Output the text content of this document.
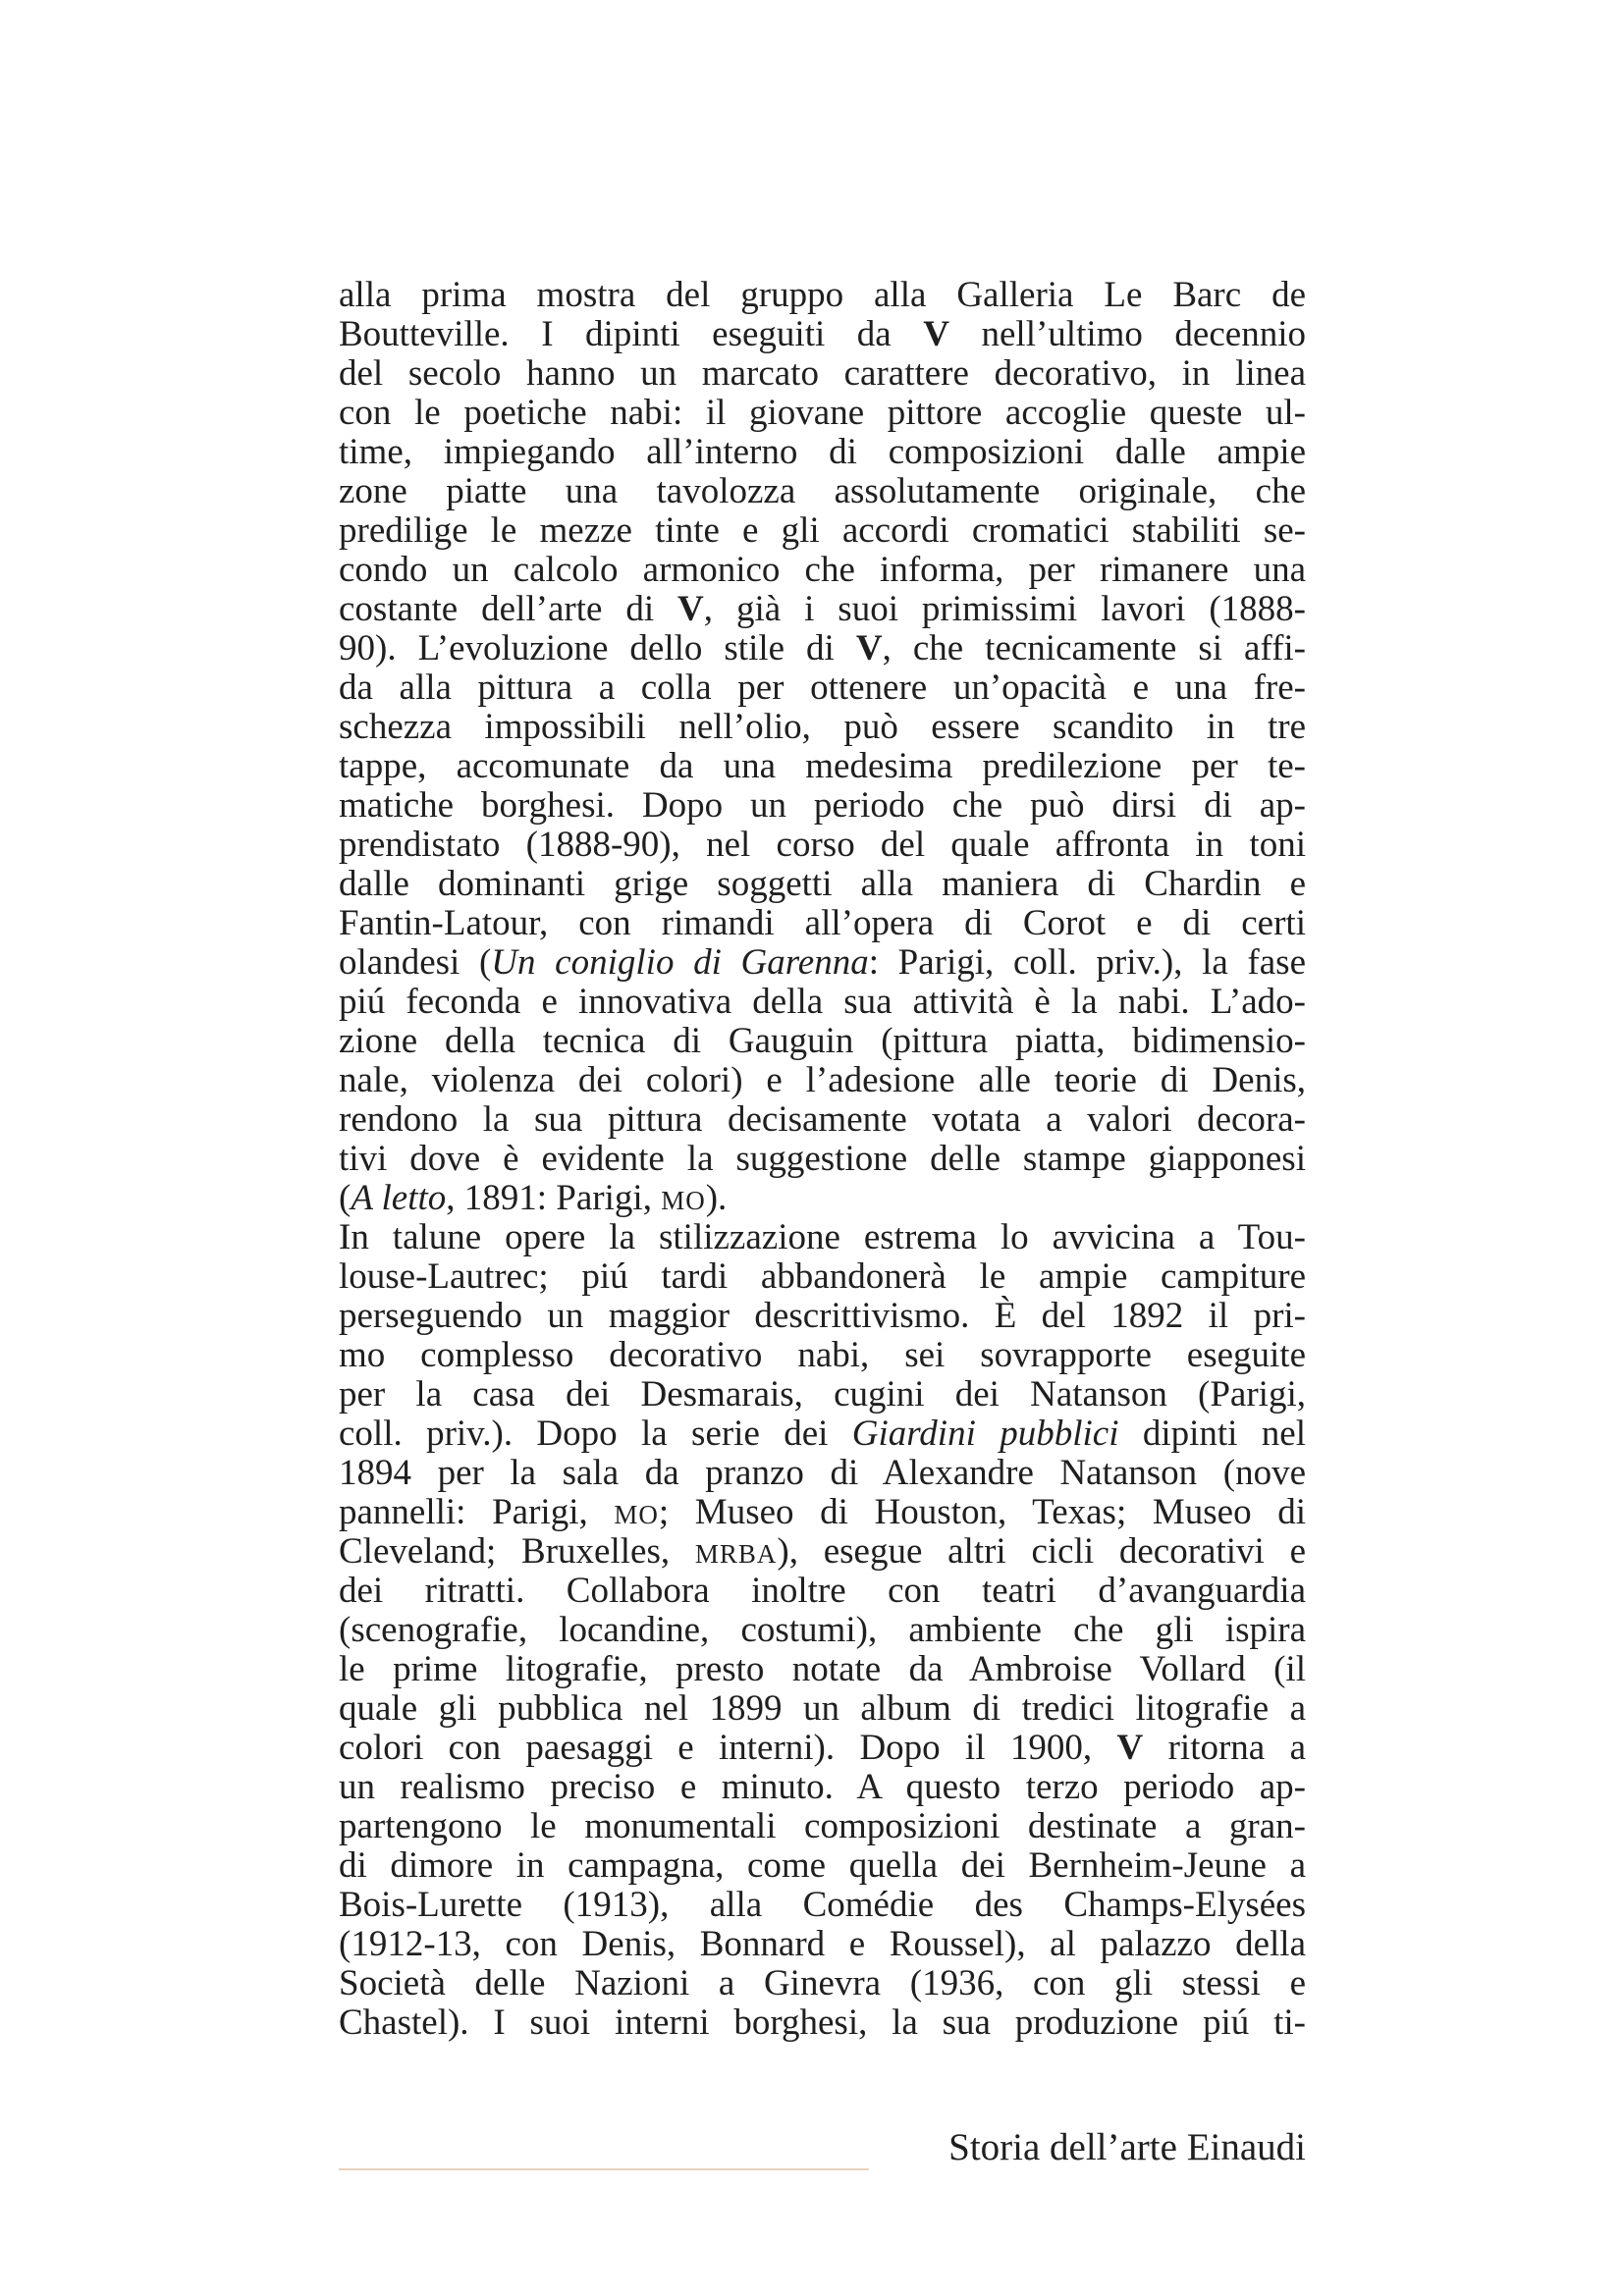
alla prima mostra del gruppo alla Galleria Le Barc de
Boutteville. I dipinti eseguiti da V nell’ultimo decennio
del secolo hanno un marcato carattere decorativo, in linea
con le poetiche nabi: il giovane pittore accoglie queste ul-
time, impiegando all’interno di composizioni dalle ampie
zone piatte una tavolozza assolutamente originale, che
predilige le mezze tinte e gli accordi cromatici stabiliti se-
condo un calcolo armonico che informa, per rimanere una
costante dell’arte di V, già i suoi primissimi lavori (1888-
90). L’evoluzione dello stile di V, che tecnicamente si affi-
da alla pittura a colla per ottenere un’opacità e una fre-
schezza impossibili nell’olio, può essere scandito in tre
tappe, accomunate da una medesima predilezione per te-
matiche borghesi. Dopo un periodo che può dirsi di ap-
prendistato (1888-90), nel corso del quale affronta in toni
dalle dominanti grige soggetti alla maniera di Chardin e
Fantin-Latour, con rimandi all’opera di Corot e di certi
olandesi (Un coniglio di Garenna: Parigi, coll. priv.), la fase
piú feconda e innovativa della sua attività è la nabi. L’ado-
zione della tecnica di Gauguin (pittura piatta, bidimensio-
nale, violenza dei colori) e l’adesione alle teorie di Denis,
rendono la sua pittura decisamente votata a valori decora-
tivi dove è evidente la suggestione delle stampe giapponesi
(A letto, 1891: Parigi, MO).
In talune opere la stilizzazione estrema lo avvicina a Tou-
louse-Lautrec; piú tardi abbandonerà le ampie campiture
perseguendo un maggior descrittivismo. È del 1892 il pri-
mo complesso decorativo nabi, sei sovrapporte eseguite
per la casa dei Desmarais, cugini dei Natanson (Parigi,
coll. priv.). Dopo la serie dei Giardini pubblici dipinti nel
1894 per la sala da pranzo di Alexandre Natanson (nove
pannelli: Parigi, MO; Museo di Houston, Texas; Museo di
Cleveland; Bruxelles, MRBA), esegue altri cicli decorativi e
dei ritratti. Collabora inoltre con teatri d’avanguardia
(scenografie, locandine, costumi), ambiente che gli ispira
le prime litografie, presto notate da Ambroise Vollard (il
quale gli pubblica nel 1899 un album di tredici litografie a
colori con paesaggi e interni). Dopo il 1900, V ritorna a
un realismo preciso e minuto. A questo terzo periodo ap-
partengono le monumentali composizioni destinate a gran-
di dimore in campagna, come quella dei Bernheim-Jeune a
Bois-Lurette (1913), alla Comédie des Champs-Elysées
(1912-13, con Denis, Bonnard e Roussel), al palazzo della
Società delle Nazioni a Ginevra (1936, con gli stessi e
Chastel). I suoi interni borghesi, la sua produzione piú ti-
Storia dell’arte Einaudi
